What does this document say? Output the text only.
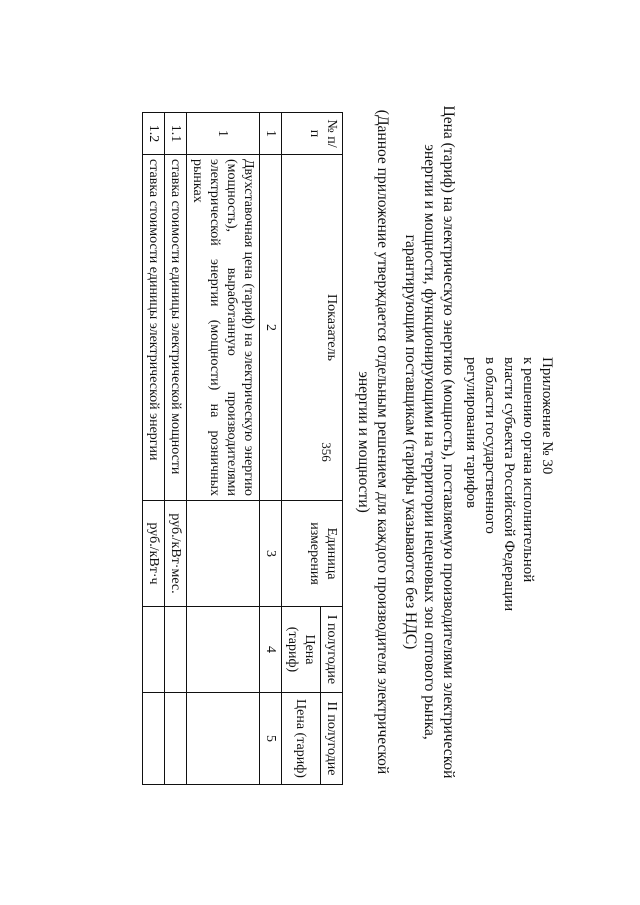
356	Приложение № 30
к решению органа исполнительной
власти субъекта Российской Федерации
в области государственного
регулирования тарифов
Цена (тариф) на электрическую энергию (мощность), поставляемую производителями электрической энергии и мощности, функционирующими на территории неценовых зон оптового рынка, гарантирующим поставщикам (тарифы указываются без НДС)
(Данное приложение утверждается отдельным решением для каждого производителя электрической энергии и мощности)
№ п/п	Показатель	Единица измерения	I полугодие	II полугодие
			Цена (тариф)	Цена (тариф)
1	2	3	4	5
1	Двухставочная цена (тариф) на электрическую энергию (мощность), выработанную производителями электрической энергии (мощности) на розничных рынках			
1.1	ставка стоимости единицы электрической мощности	руб./кВт·мес.		
1.2	ставка стоимости единицы электрической энергии	руб./кВт·ч		
